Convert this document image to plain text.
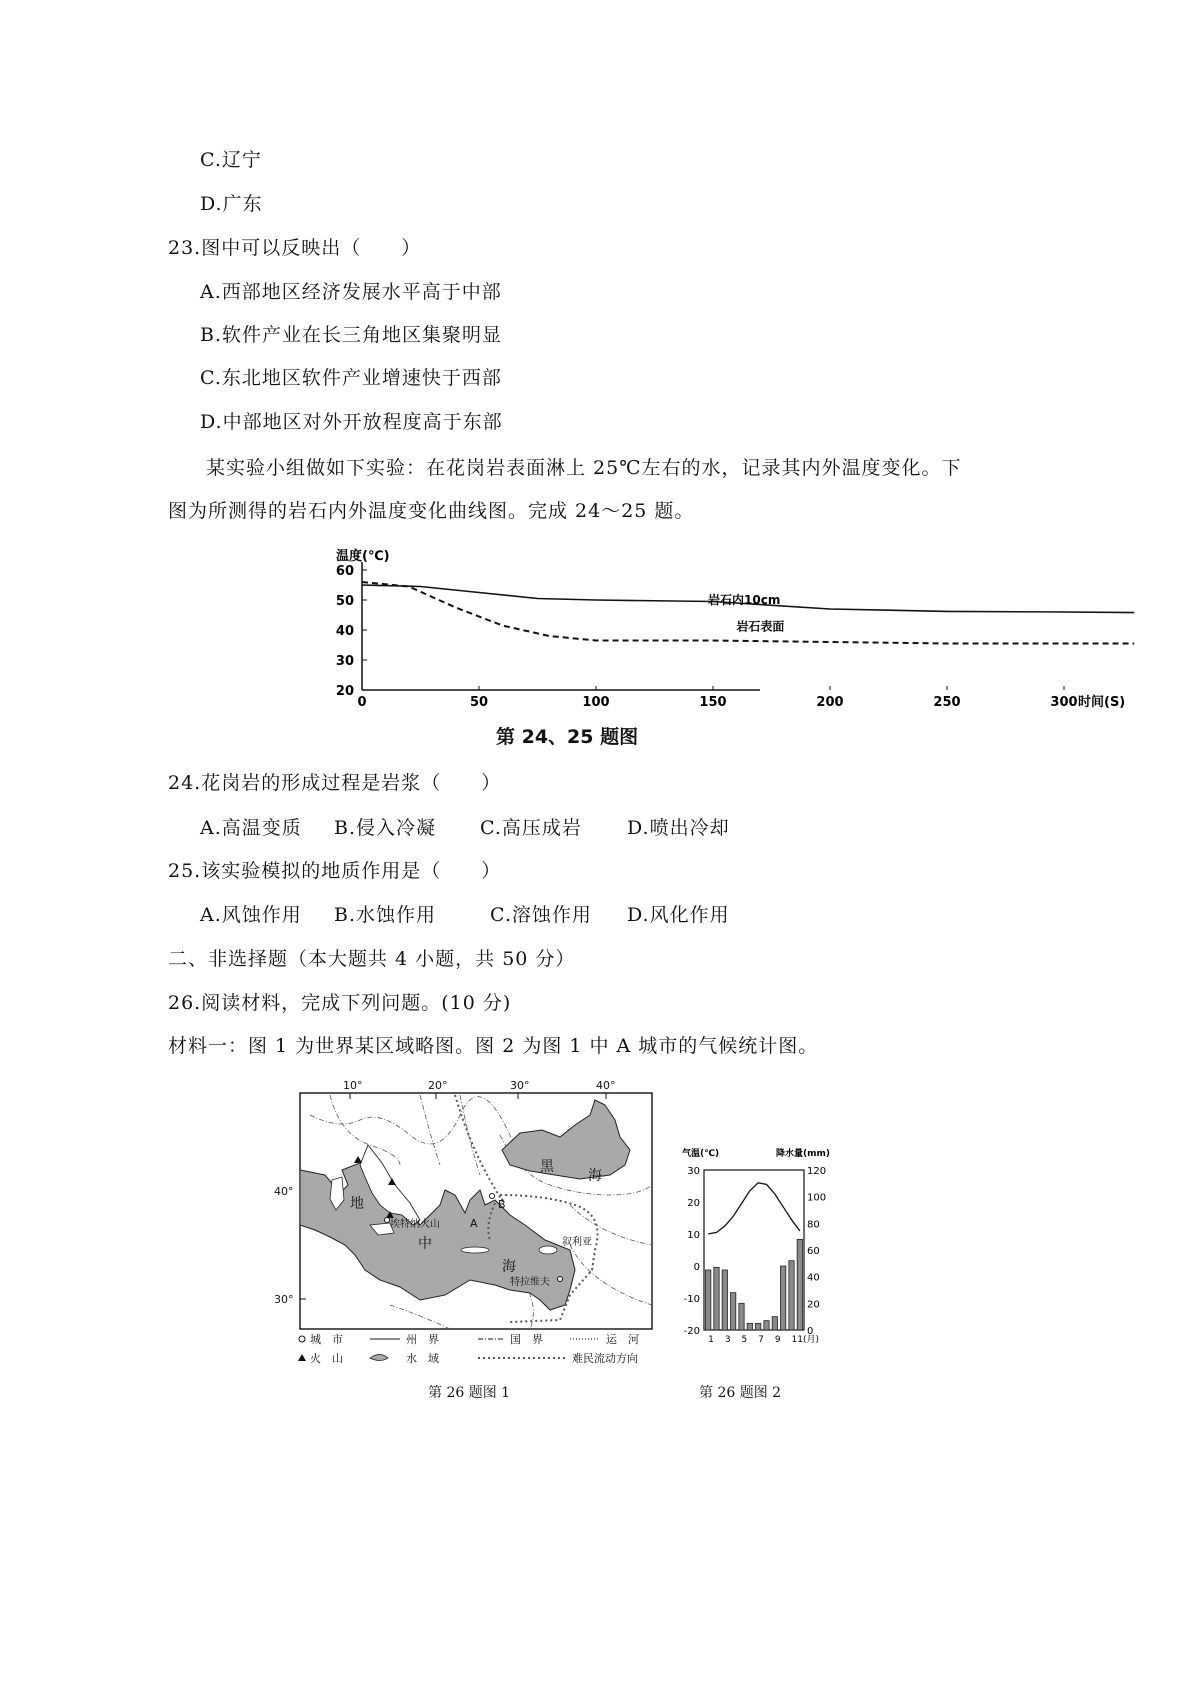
C.辽宁
D.广东
23.图中可以反映出（　　）
A.西部地区经济发展水平高于中部
B.软件产业在长三角地区集聚明显
C.东北地区软件产业增速快于西部
D.中部地区对外开放程度高于东部
某实验小组做如下实验：在花岗岩表面淋上 25℃左右的水，记录其内外温度变化。下
图为所测得的岩石内外温度变化曲线图。完成 24～25 题。
20
30
40
50
60
0	50	100	150	200	250	300 时间(S)
温度(℃)
岩石内10cm
岩石表面
第 24、25 题图
24.花岗岩的形成过程是岩浆（　　）
A.高温变质 B.侵入冷凝 C.高压成岩 D.喷出冷却
25.该实验模拟的地质作用是（　　）
A.风蚀作用 B.水蚀作用	C.溶蚀作用 D.风化作用
二、非选择题（本大题共 4 小题，共 50 分）
26.阅读材料，完成下列问题。(10 分)
材料一：图 1 为世界某区域略图。图 2 为图 1 中 A 城市的气候统计图。
10°	20°	30°	40°
40°
30°
黑
海
地
中
海
埃特纳火山	A
B
叙利亚
特拉维夫
城　市	州　界	国　界	运　河
火　山	水　域	难民流动方向
第 26 题图 1
气温(℃)	降水量(mm)
30
20
10
0
-10
-20
120
100
80
60
40
20
0
1 3 5 7 9 11(月)
第 26 题图 2
